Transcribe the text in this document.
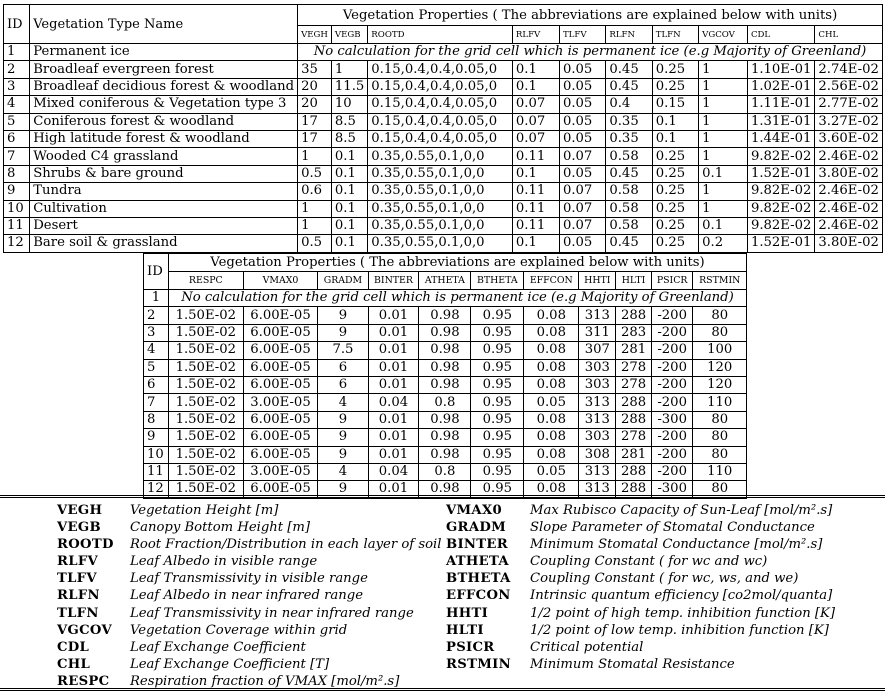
ID	Vegetation Type Name	Vegetation Properties ( The abbreviations are explained below with units)									
		VEGH	VEGB	ROOTD	RLFV	TLFV	RLFN	TLFN	VGCOV	CDL	CHL
1	Permanent ice	No calculation for the grid cell which is permanent ice (e.g Majority of Greenland)									
2	Broadleaf evergreen forest	35	1	0.15,0.4,0.4,0.05,0	0.1	0.05	0.45	0.25	1	1.10E-01	2.74E-02
3	Broadleaf decidious forest & woodland	20	11.5	0.15,0.4,0.4,0.05,0	0.1	0.05	0.45	0.25	1	1.02E-01	2.56E-02
4	Mixed coniferous & Vegetation type 3	20	10	0.15,0.4,0.4,0.05,0	0.07	0.05	0.4	0.15	1	1.11E-01	2.77E-02
5	Coniferous forest & woodland	17	8.5	0.15,0.4,0.4,0.05,0	0.07	0.05	0.35	0.1	1	1.31E-01	3.27E-02
6	High latitude forest & woodland	17	8.5	0.15,0.4,0.4,0.05,0	0.07	0.05	0.35	0.1	1	1.44E-01	3.60E-02
7	Wooded C4 grassland	1	0.1	0.35,0.55,0.1,0,0	0.11	0.07	0.58	0.25	1	9.82E-02	2.46E-02
8	Shrubs & bare ground	0.5	0.1	0.35,0.55,0.1,0,0	0.1	0.05	0.45	0.25	0.1	1.52E-01	3.80E-02
9	Tundra	0.6	0.1	0.35,0.55,0.1,0,0	0.11	0.07	0.58	0.25	1	9.82E-02	2.46E-02
10	Cultivation	1	0.1	0.35,0.55,0.1,0,0	0.11	0.07	0.58	0.25	1	9.82E-02	2.46E-02
11	Desert	1	0.1	0.35,0.55,0.1,0,0	0.11	0.07	0.58	0.25	0.1	9.82E-02	2.46E-02
12	Bare soil & grassland	0.5	0.1	0.35,0.55,0.1,0,0	0.1	0.05	0.45	0.25	0.2	1.52E-01	3.80E-02
ID	Vegetation Properties ( The abbreviations are explained below with units)										
	RESPC	VMAX0	GRADM	BINTER	ATHETA	BTHETA	EFFCON	HHTI	HLTI	PSICR	RSTMIN
1	No calculation for the grid cell which is permanent ice (e.g Majority of Greenland)										
2	1.50E-02	6.00E-05	9	0.01	0.98	0.95	0.08	313	288	-200	80
3	1.50E-02	6.00E-05	9	0.01	0.98	0.95	0.08	311	283	-200	80
4	1.50E-02	6.00E-05	7.5	0.01	0.98	0.95	0.08	307	281	-200	100
5	1.50E-02	6.00E-05	6	0.01	0.98	0.95	0.08	303	278	-200	120
6	1.50E-02	6.00E-05	6	0.01	0.98	0.95	0.08	303	278	-200	120
7	1.50E-02	3.00E-05	4	0.04	0.8	0.95	0.05	313	288	-200	110
8	1.50E-02	6.00E-05	9	0.01	0.98	0.95	0.08	313	288	-300	80
9	1.50E-02	6.00E-05	9	0.01	0.98	0.95	0.08	303	278	-200	80
10	1.50E-02	6.00E-05	9	0.01	0.98	0.95	0.08	308	281	-200	80
11	1.50E-02	3.00E-05	4	0.04	0.8	0.95	0.05	313	288	-200	110
12	1.50E-02	6.00E-05	9	0.01	0.98	0.95	0.08	313	288	-300	80
VEGH	Vegetation Height [m]
VEGB	Canopy Bottom Height [m]
ROOTD	Root Fraction/Distribution in each layer of soil
RLFV	Leaf Albedo in visible range
TLFV	Leaf Transmissivity in visible range
RLFN	Leaf Albedo in near infrared range
TLFN	Leaf Transmissivity in near infrared range
VGCOV	Vegetation Coverage within grid
CDL	Leaf Exchange Coefficient
CHL	Leaf Exchange Coefficient [T]
RESPC	Respiration fraction of VMAX [mol/m².s]
VMAX0	Max Rubisco Capacity of Sun-Leaf [mol/m².s]
GRADM	Slope Parameter of Stomatal Conductance
BINTER	Minimum Stomatal Conductance [mol/m².s]
ATHETA	Coupling Constant ( for wc and wc)
BTHETA	Coupling Constant ( for wc, ws, and we)
EFFCON	Intrinsic quantum efficiency [co2mol/quanta]
HHTI	1/2 point of high temp. inhibition function [K]
HLTI	1/2 point of low temp. inhibition function [K]
PSICR	Critical potential
RSTMIN	Minimum Stomatal Resistance
